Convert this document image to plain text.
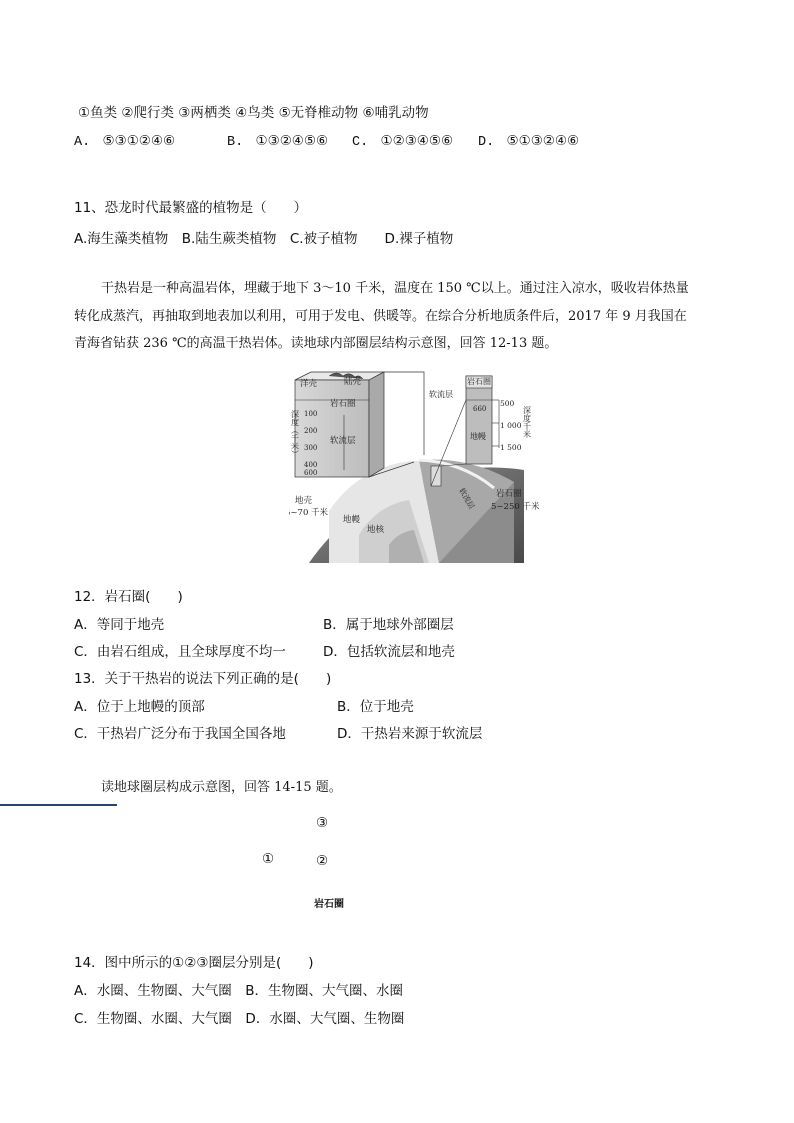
①鱼类 ②爬行类 ③两栖类 ④鸟类 ⑤无脊椎动物 ⑥哺乳动物
A. ⑤③①②④⑥	B. ①③②④⑤⑥ C. ①②③④⑤⑥ D. ⑤①③②④⑥
11、恐龙时代最繁盛的植物是（　　）
A.海生藻类植物　B.陆生蕨类植物　C.被子植物　　D.裸子植物
干热岩是一种高温岩体，埋藏于地下 3～10 千米，温度在 150 ℃以上。通过注入凉水，吸收岩体热量
转化成蒸汽，再抽取到地表加以利用，可用于发电、供暖等。在综合分析地质条件后，2017 年 9 月我国在
青海省钻获 236 ℃的高温干热岩体。读地球内部圈层结构示意图，回答 12-13 题。
洋壳	陆壳
岩石圈
软流层
100
200
300
400
600
深度（千米）
岩石圈
软流层
660
地幔
500
1 000
1 500
深度千米
地壳
5~70 千米
地幔
地核
软流层 岩石圈
5~250 千米
12．岩石圈(　　)
A．等同于地壳	B．属于地球外部圈层
C．由岩石组成，且全球厚度不均一	D．包括软流层和地壳
13．关于干热岩的说法下列正确的是(　　)
A．位于上地幔的顶部	B．位于地壳
C．干热岩广泛分布于我国全国各地	D．干热岩来源于软流层
读地球圈层构成示意图，回答 14-15 题。
③
①	②
岩石圈
14．图中所示的①②③圈层分别是(　　)
A．水圈、生物圈、大气圈　B．生物圈、大气圈、水圈
C．生物圈、水圈、大气圈　D．水圈、大气圈、生物圈
